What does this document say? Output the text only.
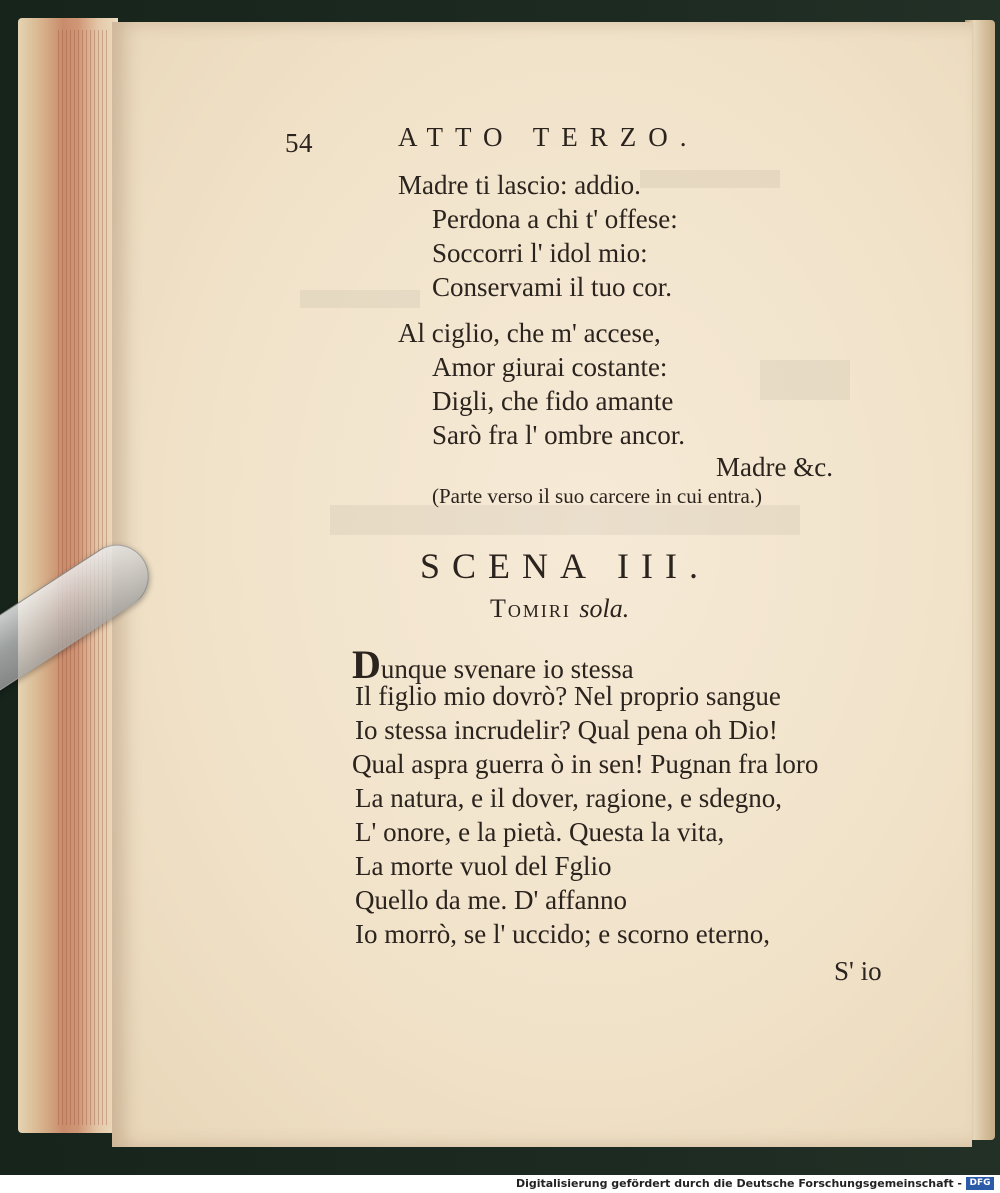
54	ATTO TERZO.
Madre ti lascio: addio.
Perdona a chi t' offese:
Soccorri l' idol mio:
Conservami il tuo cor.
Al ciglio, che m' accese,
Amor giurai costante:
Digli, che fido amante
Sarò fra l' ombre ancor.
Madre &c.
(Parte verso il suo carcere in cui entra.)
SCENA III.
Tomiri sola.
Dunque svenare io stessa
Il figlio mio dovrò? Nel proprio sangue
Io stessa incrudelir? Qual pena oh Dio!
Qual aspra guerra ò in sen! Pugnan fra loro
La natura, e il dover, ragione, e sdegno,
L' onore, e la pietà. Questa la vita,
La morte vuol del Fglio
Quello da me. D' affanno
Io morrò, se l' uccido; e scorno eterno,
S' io
Digitalisierung gefördert durch die Deutsche Forschungsgemeinschaft - DFG
